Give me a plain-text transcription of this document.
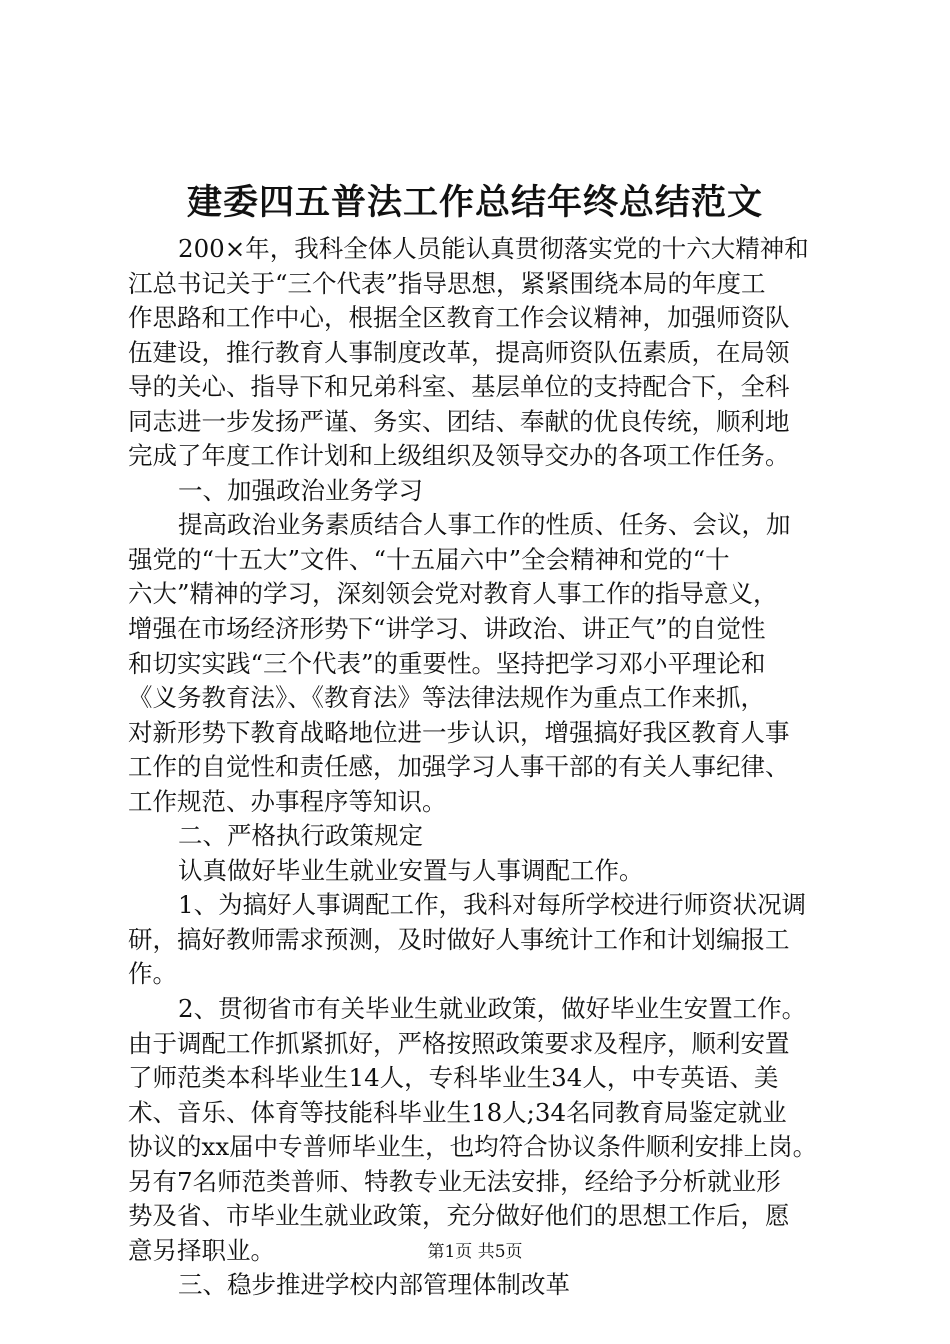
建委四五普法工作总结年终总结范文
200×年，我科全体人员能认真贯彻落实党的十六大精神和
江总书记关于“三个代表”指导思想，紧紧围绕本局的年度工
作思路和工作中心，根据全区教育工作会议精神，加强师资队
伍建设，推行教育人事制度改革，提高师资队伍素质，在局领
导的关心、指导下和兄弟科室、基层单位的支持配合下，全科
同志进一步发扬严谨、务实、团结、奉献的优良传统，顺利地
完成了年度工作计划和上级组织及领导交办的各项工作任务。
一、加强政治业务学习
提高政治业务素质结合人事工作的性质、任务、会议，加
强党的“十五大”文件、“十五届六中”全会精神和党的“十
六大”精神的学习，深刻领会党对教育人事工作的指导意义，
增强在市场经济形势下“讲学习、讲政治、讲正气”的自觉性
和切实实践“三个代表”的重要性。坚持把学习邓小平理论和
《义务教育法》、《教育法》等法律法规作为重点工作来抓，
对新形势下教育战略地位进一步认识，增强搞好我区教育人事
工作的自觉性和责任感，加强学习人事干部的有关人事纪律、
工作规范、办事程序等知识。
二、严格执行政策规定
认真做好毕业生就业安置与人事调配工作。
1、为搞好人事调配工作，我科对每所学校进行师资状况调
研，搞好教师需求预测，及时做好人事统计工作和计划编报工
作。
2、贯彻省市有关毕业生就业政策，做好毕业生安置工作。
由于调配工作抓紧抓好，严格按照政策要求及程序，顺利安置
了师范类本科毕业生14人，专科毕业生34人，中专英语、美
术、音乐、体育等技能科毕业生18人;34名同教育局鉴定就业
协议的xx届中专普师毕业生，也均符合协议条件顺利安排上岗。
另有7名师范类普师、特教专业无法安排，经给予分析就业形
势及省、市毕业生就业政策，充分做好他们的思想工作后，愿
意另择职业。
三、稳步推进学校内部管理体制改革
第1页 共5页
